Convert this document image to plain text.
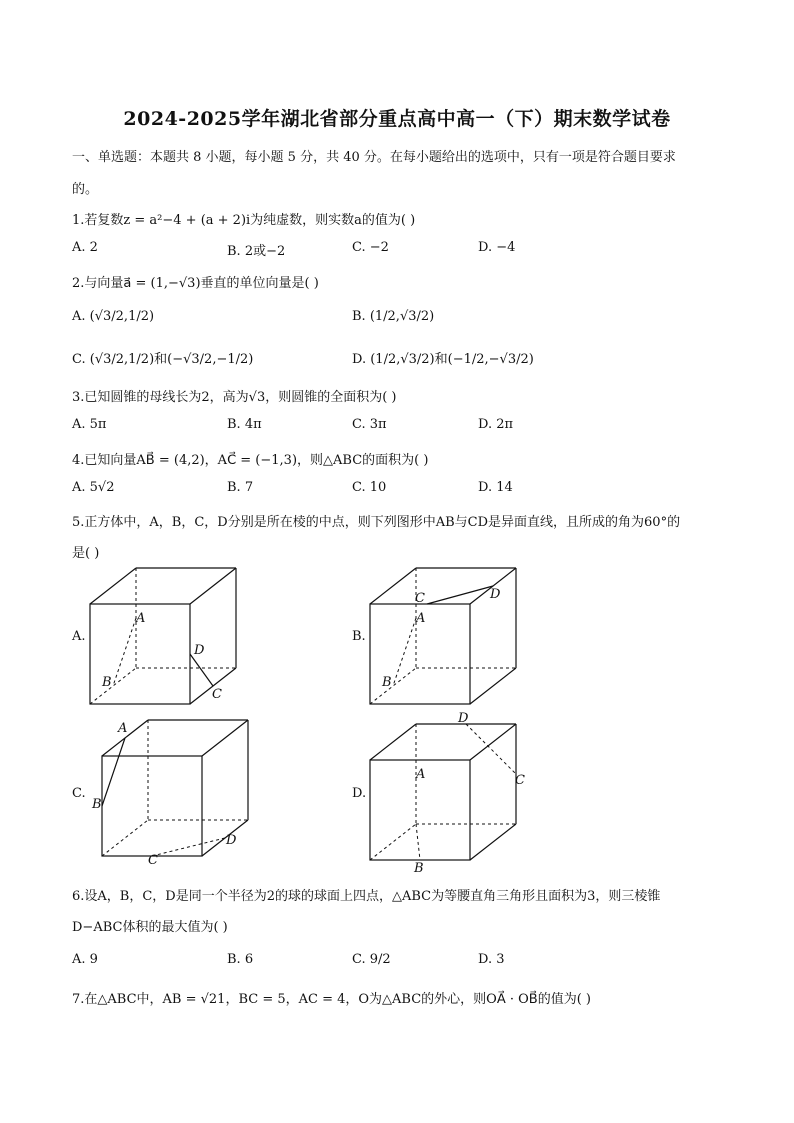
2024-2025学年湖北省部分重点高中高一（下）期末数学试卷
一、单选题：本题共 8 小题，每小题 5 分，共 40 分。在每小题给出的选项中，只有一项是符合题目要求
的。
1.若复数z = a²−4 + (a + 2)i为纯虚数，则实数a的值为( )
A. 2	B. 2或−2	C. −2	D. −4
2.与向量a⃗ = (1,−√3)垂直的单位向量是( )
A. (√3/2,1/2)	B. (1/2,√3/2)
C. (√3/2,1/2)和(−√3/2,−1/2)	D. (1/2,√3/2)和(−1/2,−√3/2)
3.已知圆锥的母线长为2，高为√3，则圆锥的全面积为( )
A. 5π	B. 4π	C. 3π	D. 2π
4.已知向量AB⃗ = (4,2)，AC⃗ = (−1,3)，则△ABC的面积为( )
A. 5√2	B. 7	C. 10	D. 14
5.正方体中，A，B，C，D分别是所在棱的中点，则下列图形中AB与CD是异面直线，且所成的角为60°的
是( )
A.	B.
C.	D.
A
B
C
D
A
B
C	D
A
B
C
D
A
B
C
D
6.设A，B，C，D是同一个半径为2的球的球面上四点，△ABC为等腰直角三角形且面积为3，则三棱锥
D−ABC体积的最大值为( )
A. 9	B. 6	C. 9/2	D. 3
7.在△ABC中，AB = √21，BC = 5，AC = 4，O为△ABC的外心，则OA⃗ · OB⃗的值为( )
